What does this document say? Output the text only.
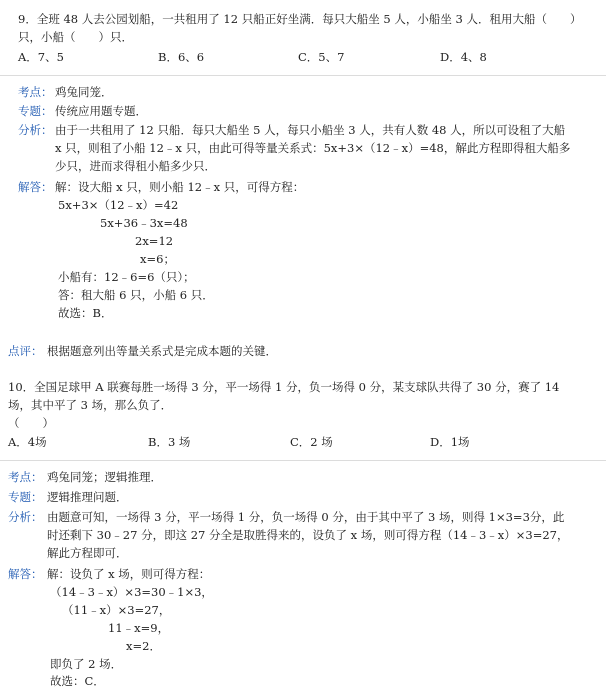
9．全班 48 人去公园划船，一共租用了 12 只船正好坐满．每只大船坐 5 人，小船坐 3 人．租用大船（　　）
只，小船（　　）只．
A．7、5	B．6、6	C．5、7	D．4、8
考点： 鸡兔同笼．
专题： 传统应用题专题．
分析： 由于一共租用了 12 只船．每只大船坐 5 人，每只小船坐 3 人，共有人数 48 人，所以可设租了大船
x 只，则租了小船 12﹣x 只，由此可得等量关系式：5x+3×（12﹣x）=48，解此方程即得租大船多
少只，进而求得租小船多少只．
解答： 解：设大船 x 只，则小船 12﹣x 只，可得方程：
5x+3×（12﹣x）=42
5x+36﹣3x=48
2x=12
x=6；
小船有：12﹣6=6（只）；
答：租大船 6 只，小船 6 只．
故选：B．
点评： 根据题意列出等量关系式是完成本题的关键．
10．全国足球甲 A 联赛每胜一场得 3 分，平一场得 1 分，负一场得 0 分，某支球队共得了 30 分，赛了 14
场，其中平了 3 场，那么负了．
（　　）
A．4场	B．3 场	C．2 场	D．1场
考点： 鸡兔同笼；逻辑推理．
专题： 逻辑推理问题．
分析： 由题意可知，一场得 3 分，平一场得 1 分，负一场得 0 分，由于其中平了 3 场，则得 1×3=3分，此
时还剩下 30﹣27 分，即这 27 分全是取胜得来的，设负了 x 场，则可得方程（14﹣3﹣x）×3=27，
解此方程即可．
解答： 解：设负了 x 场，则可得方程：
（14﹣3﹣x）×3=30﹣1×3，
（11﹣x）×3=27，
11﹣x=9，
x=2．
即负了 2 场．
故选：C．
